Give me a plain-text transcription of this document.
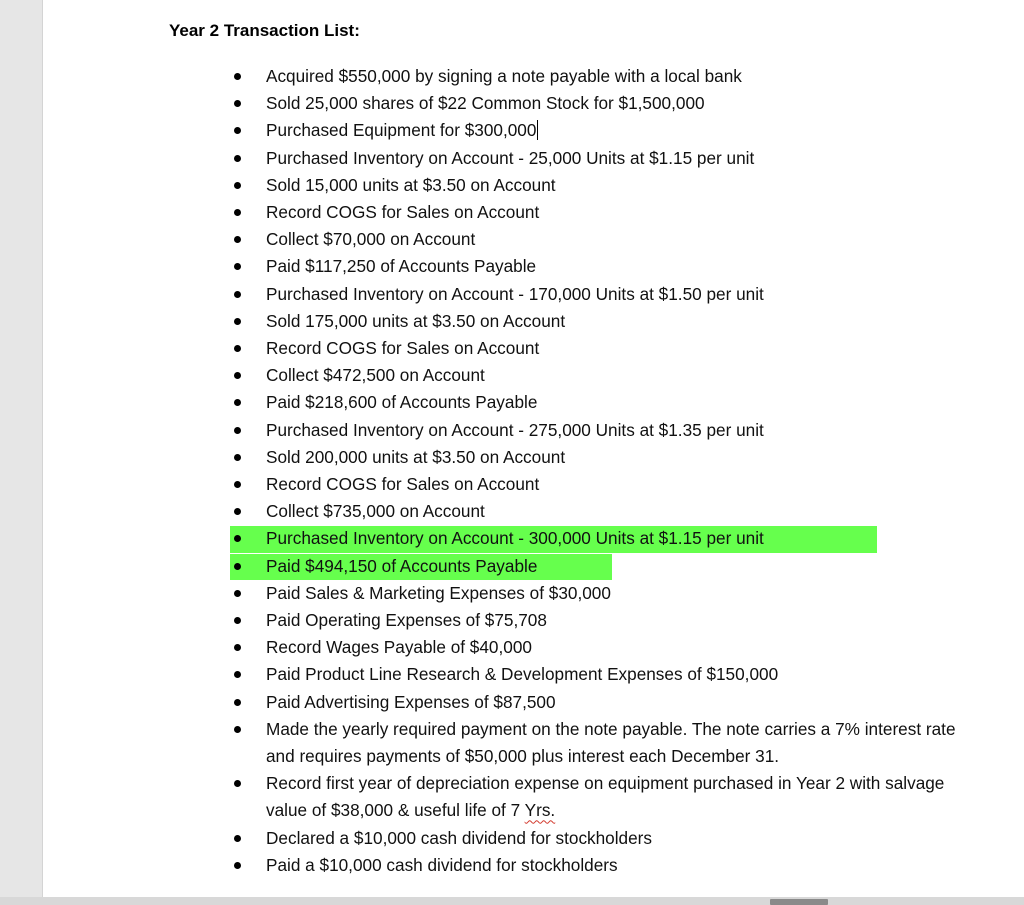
Year 2 Transaction List:
Acquired $550,000 by signing a note payable with a local bank
Sold 25,000 shares of $22 Common Stock for $1,500,000
Purchased Equipment for $300,000
Purchased Inventory on Account - 25,000 Units at $1.15 per unit
Sold 15,000 units at $3.50 on Account
Record COGS for Sales on Account
Collect $70,000 on Account
Paid $117,250 of Accounts Payable
Purchased Inventory on Account - 170,000 Units at $1.50 per unit
Sold 175,000 units at $3.50 on Account
Record COGS for Sales on Account
Collect $472,500 on Account
Paid $218,600 of Accounts Payable
Purchased Inventory on Account - 275,000 Units at $1.35 per unit
Sold 200,000 units at $3.50 on Account
Record COGS for Sales on Account
Collect $735,000 on Account
Purchased Inventory on Account - 300,000 Units at $1.15 per unit
Paid $494,150 of Accounts Payable
Paid Sales & Marketing Expenses of $30,000
Paid Operating Expenses of $75,708
Record Wages Payable of $40,000
Paid Product Line Research & Development Expenses of $150,000
Paid Advertising Expenses of $87,500
Made the yearly required payment on the note payable. The note carries a 7% interest rate and requires payments of $50,000 plus interest each December 31.
Record first year of depreciation expense on equipment purchased in Year 2 with salvage value of $38,000 & useful life of 7 Yrs.
Declared a $10,000 cash dividend for stockholders
Paid a $10,000 cash dividend for stockholders
